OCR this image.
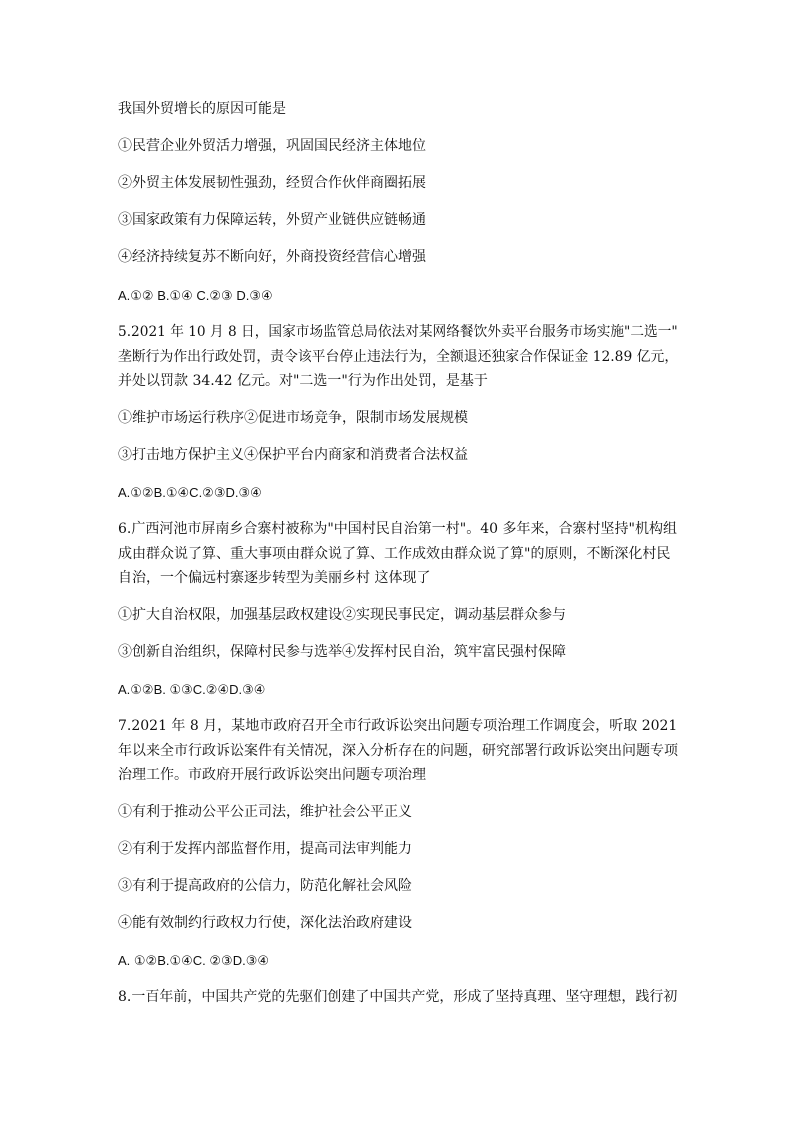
我国外贸增长的原因可能是
①民营企业外贸活力增强，巩固国民经济主体地位
②外贸主体发展韧性强劲，经贸合作伙伴商圈拓展
③国家政策有力保障运转，外贸产业链供应链畅通
④经济持续复苏不断向好，外商投资经营信心增强
A.①② B.①④ C.②③ D.③④
5.2021 年 10 月 8 日，国家市场监管总局依法对某网络餐饮外卖平台服务市场实施"二选一"
垄断行为作出行政处罚，责令该平台停止违法行为，全额退还独家合作保证金 12.89 亿元，
并处以罚款 34.42 亿元。对"二选一"行为作出处罚，是基于
①维护市场运行秩序②促进市场竞争，限制市场发展规模
③打击地方保护主义④保护平台内商家和消费者合法权益
A.①②B.①④C.②③D.③④
6.广西河池市屏南乡合寨村被称为"中国村民自治第一村"。40 多年来，合寨村坚持"机构组
成由群众说了算、重大事项由群众说了算、工作成效由群众说了算"的原则，不断深化村民
自治，一个偏远村寨逐步转型为美丽乡村 这体现了
①扩大自治权限，加强基层政权建设②实现民事民定，调动基层群众参与
③创新自治组织，保障村民参与选举④发挥村民自治，筑牢富民强村保障
A.①②B. ①③C.②④D.③④
7.2021 年 8 月，某地市政府召开全市行政诉讼突出问题专项治理工作调度会，听取 2021
年以来全市行政诉讼案件有关情况，深入分析存在的问题，研究部署行政诉讼突出问题专项
治理工作。市政府开展行政诉讼突出问题专项治理
①有利于推动公平公正司法，维护社会公平正义
②有利于发挥内部监督作用，提高司法审判能力
③有利于提高政府的公信力，防范化解社会风险
④能有效制约行政权力行使，深化法治政府建设
A. ①②B.①④C. ②③D.③④
8.一百年前，中国共产党的先驱们创建了中国共产党，形成了坚持真理、坚守理想，践行初
